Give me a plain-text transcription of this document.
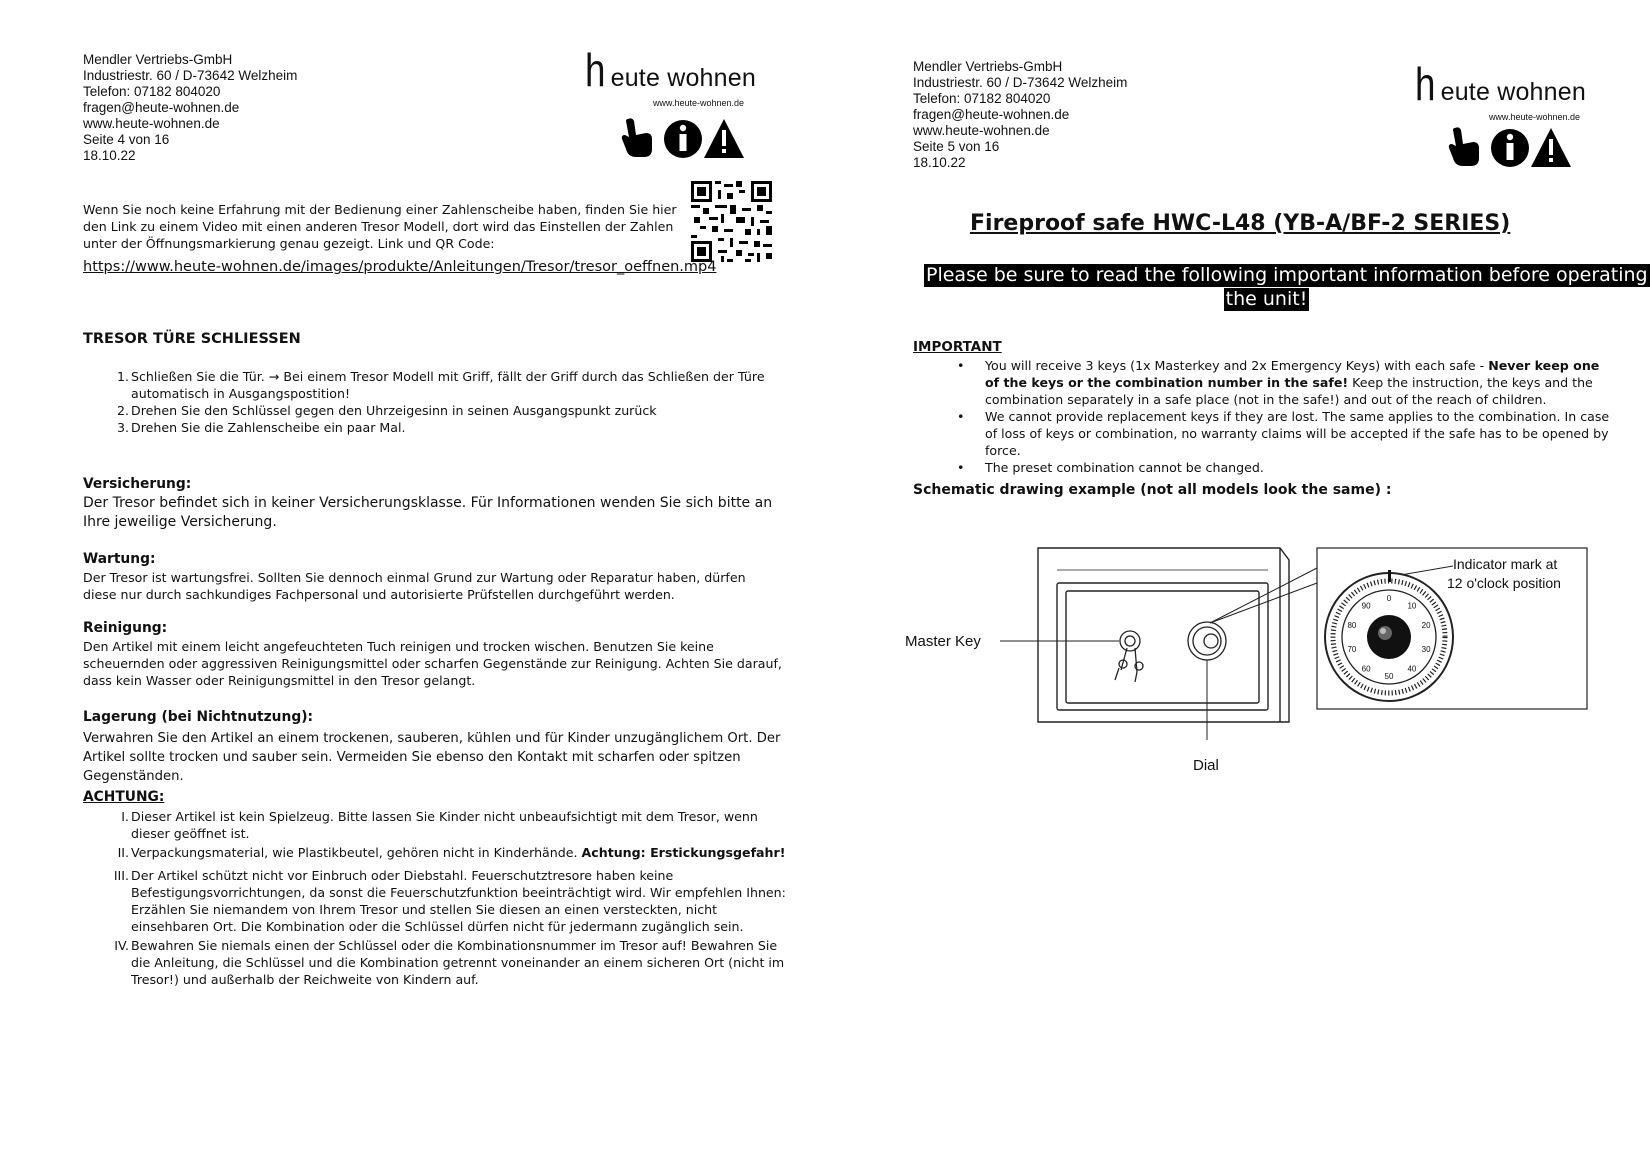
Mendler Vertriebs-GmbH
Industriestr. 60 / D-73642 Welzheim
Telefon: 07182 804020
fragen@heute-wohnen.de
www.heute-wohnen.de
Seite 4 von 16
18.10.22
heute wohnen
www.heute-wohnen.de
Wenn Sie noch keine Erfahrung mit der Bedienung einer Zahlenscheibe haben, finden Sie hier den Link zu einem Video mit einen anderen Tresor Modell, dort wird das Einstellen der Zahlen unter der Öffnungsmarkierung genau gezeigt. Link und QR Code:
https://www.heute-wohnen.de/images/produkte/Anleitungen/Tresor/tresor_oeffnen.mp4
TRESOR TÜRE SCHLIESSEN
1. Schließen Sie die Tür. → Bei einem Tresor Modell mit Griff, fällt der Griff durch das Schließen der Türe automatisch in Ausgangspostition!
2. Drehen Sie den Schlüssel gegen den Uhrzeigesinn in seinen Ausgangspunkt zurück
3. Drehen Sie die Zahlenscheibe ein paar Mal.
Versicherung:
Der Tresor befindet sich in keiner Versicherungsklasse. Für Informationen wenden Sie sich bitte an Ihre jeweilige Versicherung.
Wartung:
Der Tresor ist wartungsfrei. Sollten Sie dennoch einmal Grund zur Wartung oder Reparatur haben, dürfen diese nur durch sachkundiges Fachpersonal und autorisierte Prüfstellen durchgeführt werden.
Reinigung:
Den Artikel mit einem leicht angefeuchteten Tuch reinigen und trocken wischen. Benutzen Sie keine scheuernden oder aggressiven Reinigungsmittel oder scharfen Gegenstände zur Reinigung. Achten Sie darauf, dass kein Wasser oder Reinigungsmittel in den Tresor gelangt.
Lagerung (bei Nichtnutzung):
Verwahren Sie den Artikel an einem trockenen, sauberen, kühlen und für Kinder unzugänglichem Ort. Der Artikel sollte trocken und sauber sein. Vermeiden Sie ebenso den Kontakt mit scharfen oder spitzen Gegenständen.
ACHTUNG:
I. Dieser Artikel ist kein Spielzeug. Bitte lassen Sie Kinder nicht unbeaufsichtigt mit dem Tresor, wenn dieser geöffnet ist.
II. Verpackungsmaterial, wie Plastikbeutel, gehören nicht in Kinderhände. Achtung: Erstickungsgefahr!
III. Der Artikel schützt nicht vor Einbruch oder Diebstahl. Feuerschutztresore haben keine Befestigungsvorrichtungen, da sonst die Feuerschutzfunktion beeinträchtigt wird. Wir empfehlen Ihnen: Erzählen Sie niemandem von Ihrem Tresor und stellen Sie diesen an einen versteckten, nicht einsehbaren Ort. Die Kombination oder die Schlüssel dürfen nicht für jedermann zugänglich sein.
IV. Bewahren Sie niemals einen der Schlüssel oder die Kombinationsnummer im Tresor auf! Bewahren Sie die Anleitung, die Schlüssel und die Kombination getrennt voneinander an einem sicheren Ort (nicht im Tresor!) und außerhalb der Reichweite von Kindern auf.
Mendler Vertriebs-GmbH
Industriestr. 60 / D-73642 Welzheim
Telefon: 07182 804020
fragen@heute-wohnen.de
www.heute-wohnen.de
Seite 5 von 16
18.10.22
heute wohnen
www.heute-wohnen.de
Fireproof safe HWC-L48 (YB-A/BF-2 SERIES)
Please be sure to read the following important information before operating
the unit!
IMPORTANT
• You will receive 3 keys (1x Masterkey and 2x Emergency Keys) with each safe - Never keep one of the keys or the combination number in the safe! Keep the instruction, the keys and the combination separately in a safe place (not in the safe!) and out of the reach of children.
• We cannot provide replacement keys if they are lost. The same applies to the combination. In case of loss of keys or combination, no warranty claims will be accepted if the safe has to be opened by force.
• The preset combination cannot be changed.
Schematic drawing example (not all models look the same) :
0
10
20
30
40
50
60
70
80
90
Master Key
Indicator mark at
12 o'clock position
Dial
